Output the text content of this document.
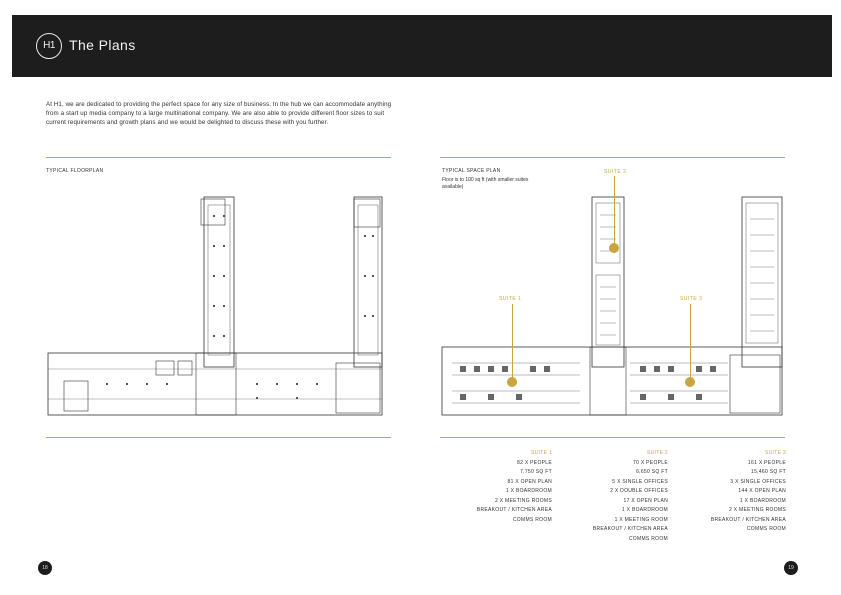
H1	The Plans
At H1, we are dedicated to providing the perfect space for any size of business. In the hub we can accommodate anything from a start up media company to a large multinational company. We are also able to provide different floor sizes to suit current requirements and growth plans and we would be delighted to discuss these with you further.
TYPICAL FLOORPLAN	TYPICAL SPACE PLAN
Floor is to 100 sq ft (with smaller suites available)
SUITE 2
SUITE 1	SUITE 3
SUITE 1
82 X PEOPLE
7,750 SQ FT
81 X OPEN PLAN
1 X BOARDROOM
2 X MEETING ROOMS
BREAKOUT / KITCHEN AREA
COMMS ROOM
SUITE 2
70 X PEOPLE
6,650 SQ FT
5 X SINGLE OFFICES
2 X DOUBLE OFFICES
17 X OPEN PLAN
1 X BOARDROOM
1 X MEETING ROOM
BREAKOUT / KITCHEN AREA
COMMS ROOM
SUITE 3
161 X PEOPLE
15,460 SQ FT
3 X SINGLE OFFICES
144 X OPEN PLAN
1 X BOARDROOM
2 X MEETING ROOMS
BREAKOUT / KITCHEN AREA
COMMS ROOM
18	19
